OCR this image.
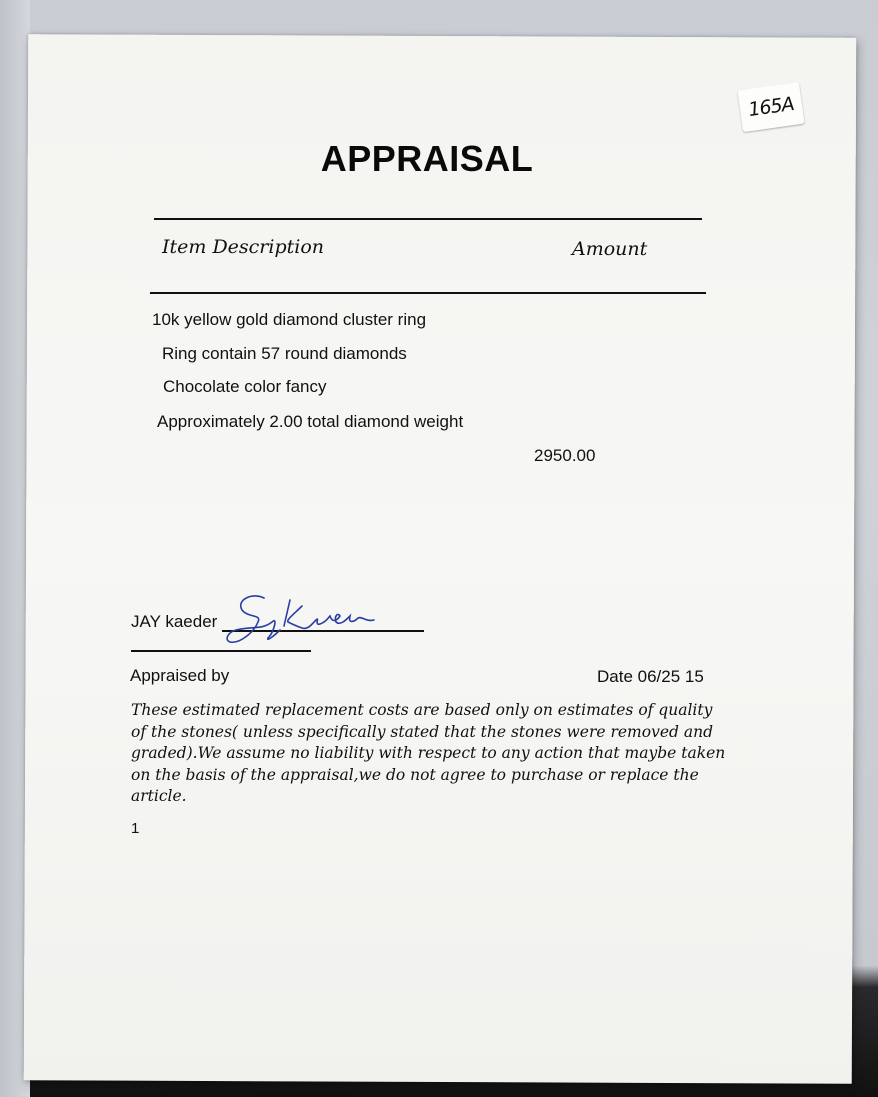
165A
APPRAISAL
Item Description	Amount
10k yellow gold diamond cluster ring
Ring contain 57 round diamonds
Chocolate color fancy
Approximately 2.00 total diamond weight
2950.00
JAY kaeder
Appraised by	Date 06/25 15
These estimated replacement costs are based only on estimates of quality of the stones( unless specifically stated that the stones were removed and graded).We assume no liability with respect to any action that maybe taken on the basis of the appraisal,we do not agree to purchase or replace the article.
1
